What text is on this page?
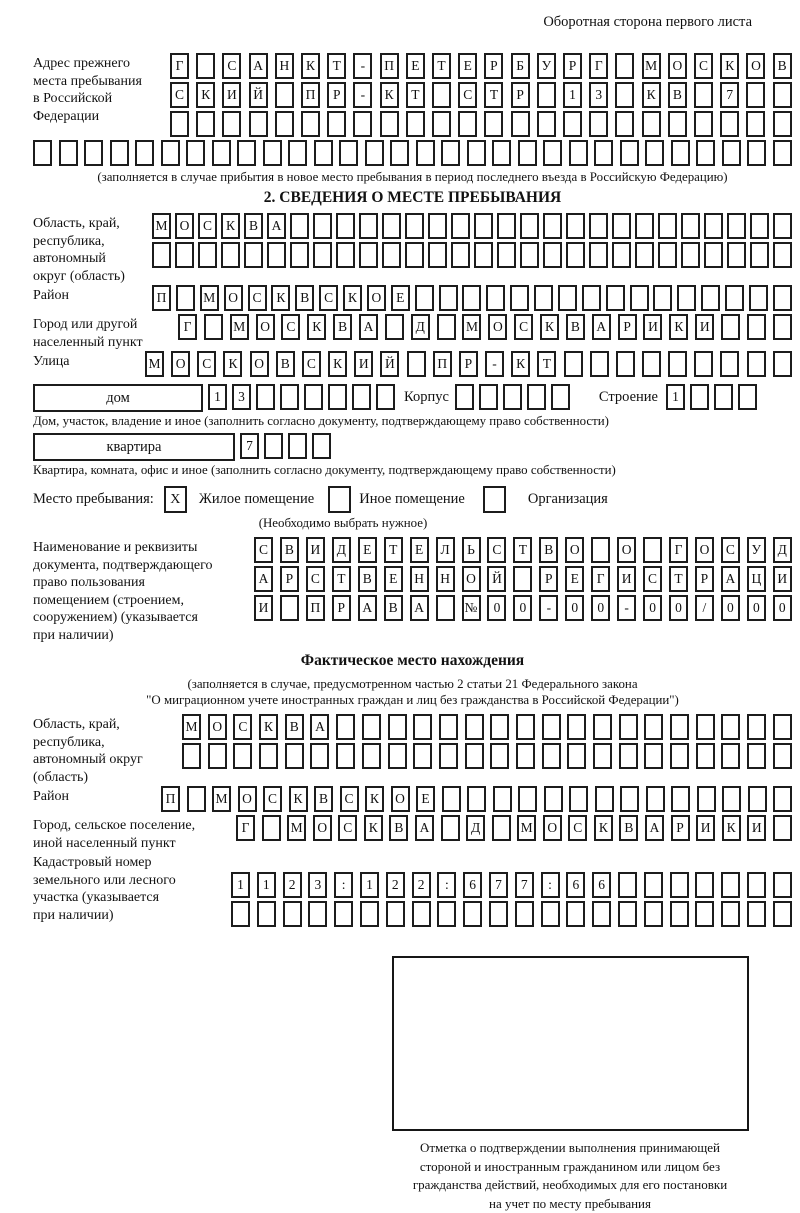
Оборотная сторона первого листа
Адрес прежнего
места пребывания
в Российской
Федерации
Г	С	А	Н	К	Т	-	П	Е	Т	Е	Р	Б	У	Р	Г	М	О	С	К	О	В
С	К	И	Й	П	Р	-	К	Т	С	Т	Р	1	3	К	В	7
(заполняется в случае прибытия в новое место пребывания в период последнего въезда в Российскую Федерацию)
2. СВЕДЕНИЯ О МЕСТЕ ПРЕБЫВАНИЯ
Область, край,
республика,
автономный
округ (область)
М О	С	К	В	А
Район	П	М О	С	К	В	С	К	О	Е
Город или другой
населенный пункт
Г	М	О	С	К	В	А	Д	М	О	С	К	В	А	Р	И	К	И
Улица	М	О	С	К	О	В	С	К	И	Й	П	Р	-	К	Т
дом	1	3	Корпус	Строение	1
Дом, участок, владение и иное (заполнить согласно документу, подтверждающему право собственности)
квартира	7
Квартира, комната, офис и иное (заполнить согласно документу, подтверждающему право собственности)
Место пребывания:	X	Жилое помещение	Иное помещение	Организация
(Необходимо выбрать нужное)
Наименование и реквизиты
документа, подтверждающего
право пользования
помещением (строением,
сооружением) (указывается
при наличии)
С	В	И	Д	Е	Т	Е	Л	Ь	С	Т	В	О	О	Г	О	С	У	Д
А	Р	С	Т	В	Е	Н	Н	О	Й	Р	Е	Г	И	С	Т	Р	А	Ц	И
И	П	Р	А	В	А	№	0	0	-	0	0	-	0	0	/	0	0	0
Фактическое место нахождения
(заполняется в случае, предусмотренном частью 2 статьи 21 Федерального закона
"О миграционном учете иностранных граждан и лиц без гражданства в Российской Федерации")
Область, край,
республика,
автономный округ
(область)
М	О	С	К	В	А
Район	П	М	О	С	К	В	С	К	О	Е
Город, сельское поселение,
иной населенный пункт
Г	М	О	С	К	В	А	Д	М	О	С	К	В	А	Р	И	К	И
Кадастровый номер
земельного или лесного
участка (указывается
при наличии)
1	1	2	3	:	1	2	2	:	6	7	7	:	6	6
Отметка о подтверждении выполнения принимающей
стороной и иностранным гражданином или лицом без
гражданства действий, необходимых для его постановки
на учет по месту пребывания
